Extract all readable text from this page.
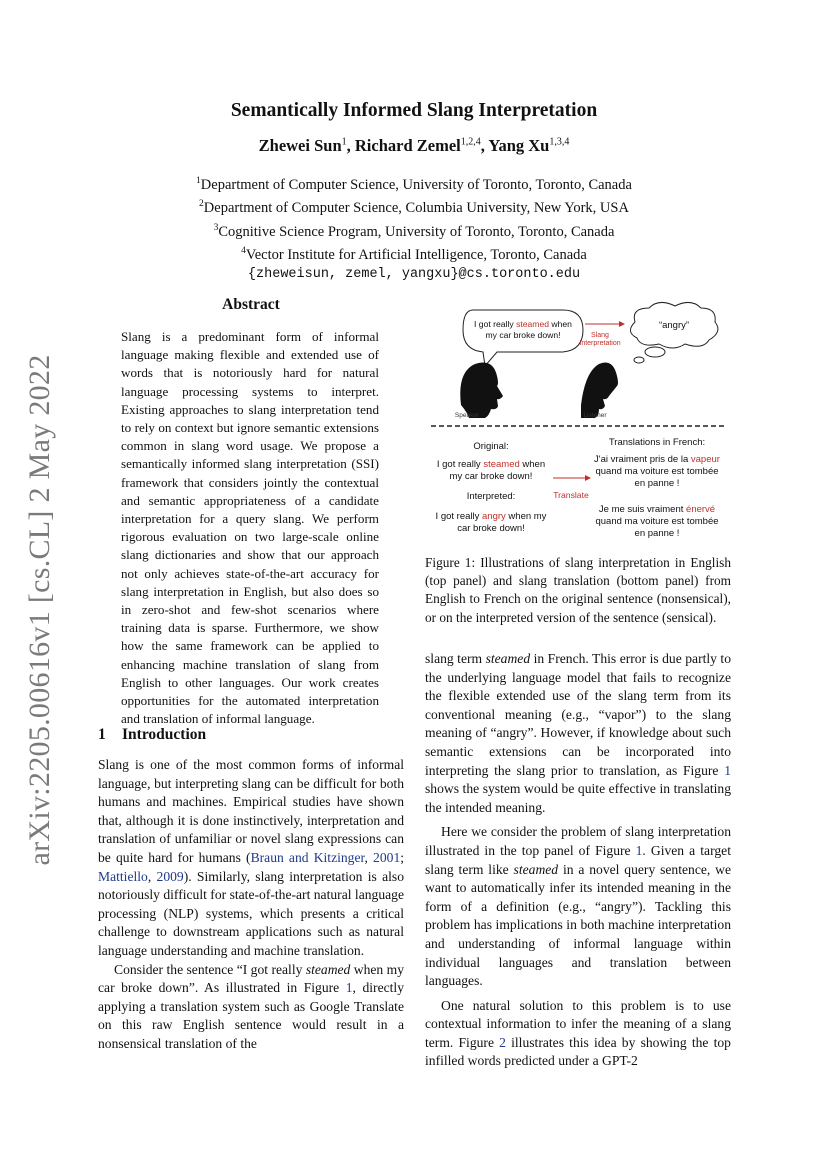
arXiv:2205.00616v1 [cs.CL] 2 May 2022
Semantically Informed Slang Interpretation
Zhewei Sun$^1$, Richard Zemel$^{1,2,4}$, Yang Xu$^{1,3,4}$
$^1$Department of Computer Science, University of Toronto, Toronto, Canada
$^2$Department of Computer Science, Columbia University, New York, USA
$^3$Cognitive Science Program, University of Toronto, Toronto, Canada
$^4$Vector Institute for Artificial Intelligence, Toronto, Canada
{zheweisun, zemel, yangxu}@cs.toronto.edu
Abstract
Slang is a predominant form of informal language making flexible and extended use of words that is notoriously hard for natural language processing systems to interpret. Existing approaches to slang interpretation tend to rely on context but ignore semantic extensions common in slang word usage. We propose a semantically informed slang interpretation (SSI) framework that considers jointly the contextual and semantic appropriateness of a candidate interpretation for a query slang. We perform rigorous evaluation on two large-scale online slang dictionaries and show that our approach not only achieves state-of-the-art accuracy for slang interpretation in English, but also does so in zero-shot and few-shot scenarios where training data is sparse. Furthermore, we show how the same framework can be applied to enhancing machine translation of slang from English to other languages. Our work creates opportunities for the automated interpretation and translation of informal language.
1 Introduction

Slang is one of the most common forms of informal language, but interpreting slang can be difficult for both humans and machines. Empirical studies have shown that, although it is done instinctively, interpretation and translation of unfamiliar or novel slang expressions can be quite hard for humans (Braun and Kitzinger, 2001; Mattiello, 2009). Similarly, slang interpretation is also notoriously difficult for state-of-the-art natural language processing (NLP) systems, which presents a critical challenge to downstream applications such as natural language understanding and machine translation.

Consider the sentence “I got really steamed when my car broke down”. As illustrated in Figure 1, directly applying a translation system such as Google Translate on this raw English sentence would result in a nonsensical translation of the

I got really steamed when
my car broke down!	Slang
Interpretation
“angry”
Speaker	Listener
Original:
I got really steamed when
my car broke down!
Interpreted:
I got really angry when my
car broke down!
Translate
Translations in French:
J'ai vraiment pris de la vapeur
quand ma voiture est tombée
en panne !
Je me suis vraiment énervé
quand ma voiture est tombée
en panne !
Figure 1: Illustrations of slang interpretation in English (top panel) and slang translation (bottom panel) from English to French on the original sentence (nonsensical), or on the interpreted version of the sentence (sensical).

slang term steamed in French. This error is due partly to the underlying language model that fails to recognize the flexible extended use of the slang term from its conventional meaning (e.g., “vapor”) to the slang meaning of “angry”. However, if knowledge about such semantic extensions can be incorporated into interpreting the slang prior to translation, as Figure 1 shows the system would be quite effective in translating the intended meaning.

Here we consider the problem of slang interpretation illustrated in the top panel of Figure 1. Given a target slang term like steamed in a novel query sentence, we want to automatically infer its intended meaning in the form of a definition (e.g., “angry”). Tackling this problem has implications in both machine interpretation and understanding of informal language within individual languages and translation between languages.

One natural solution to this problem is to use contextual information to infer the meaning of a slang term. Figure 2 illustrates this idea by showing the top infilled words predicted under a GPT-2
